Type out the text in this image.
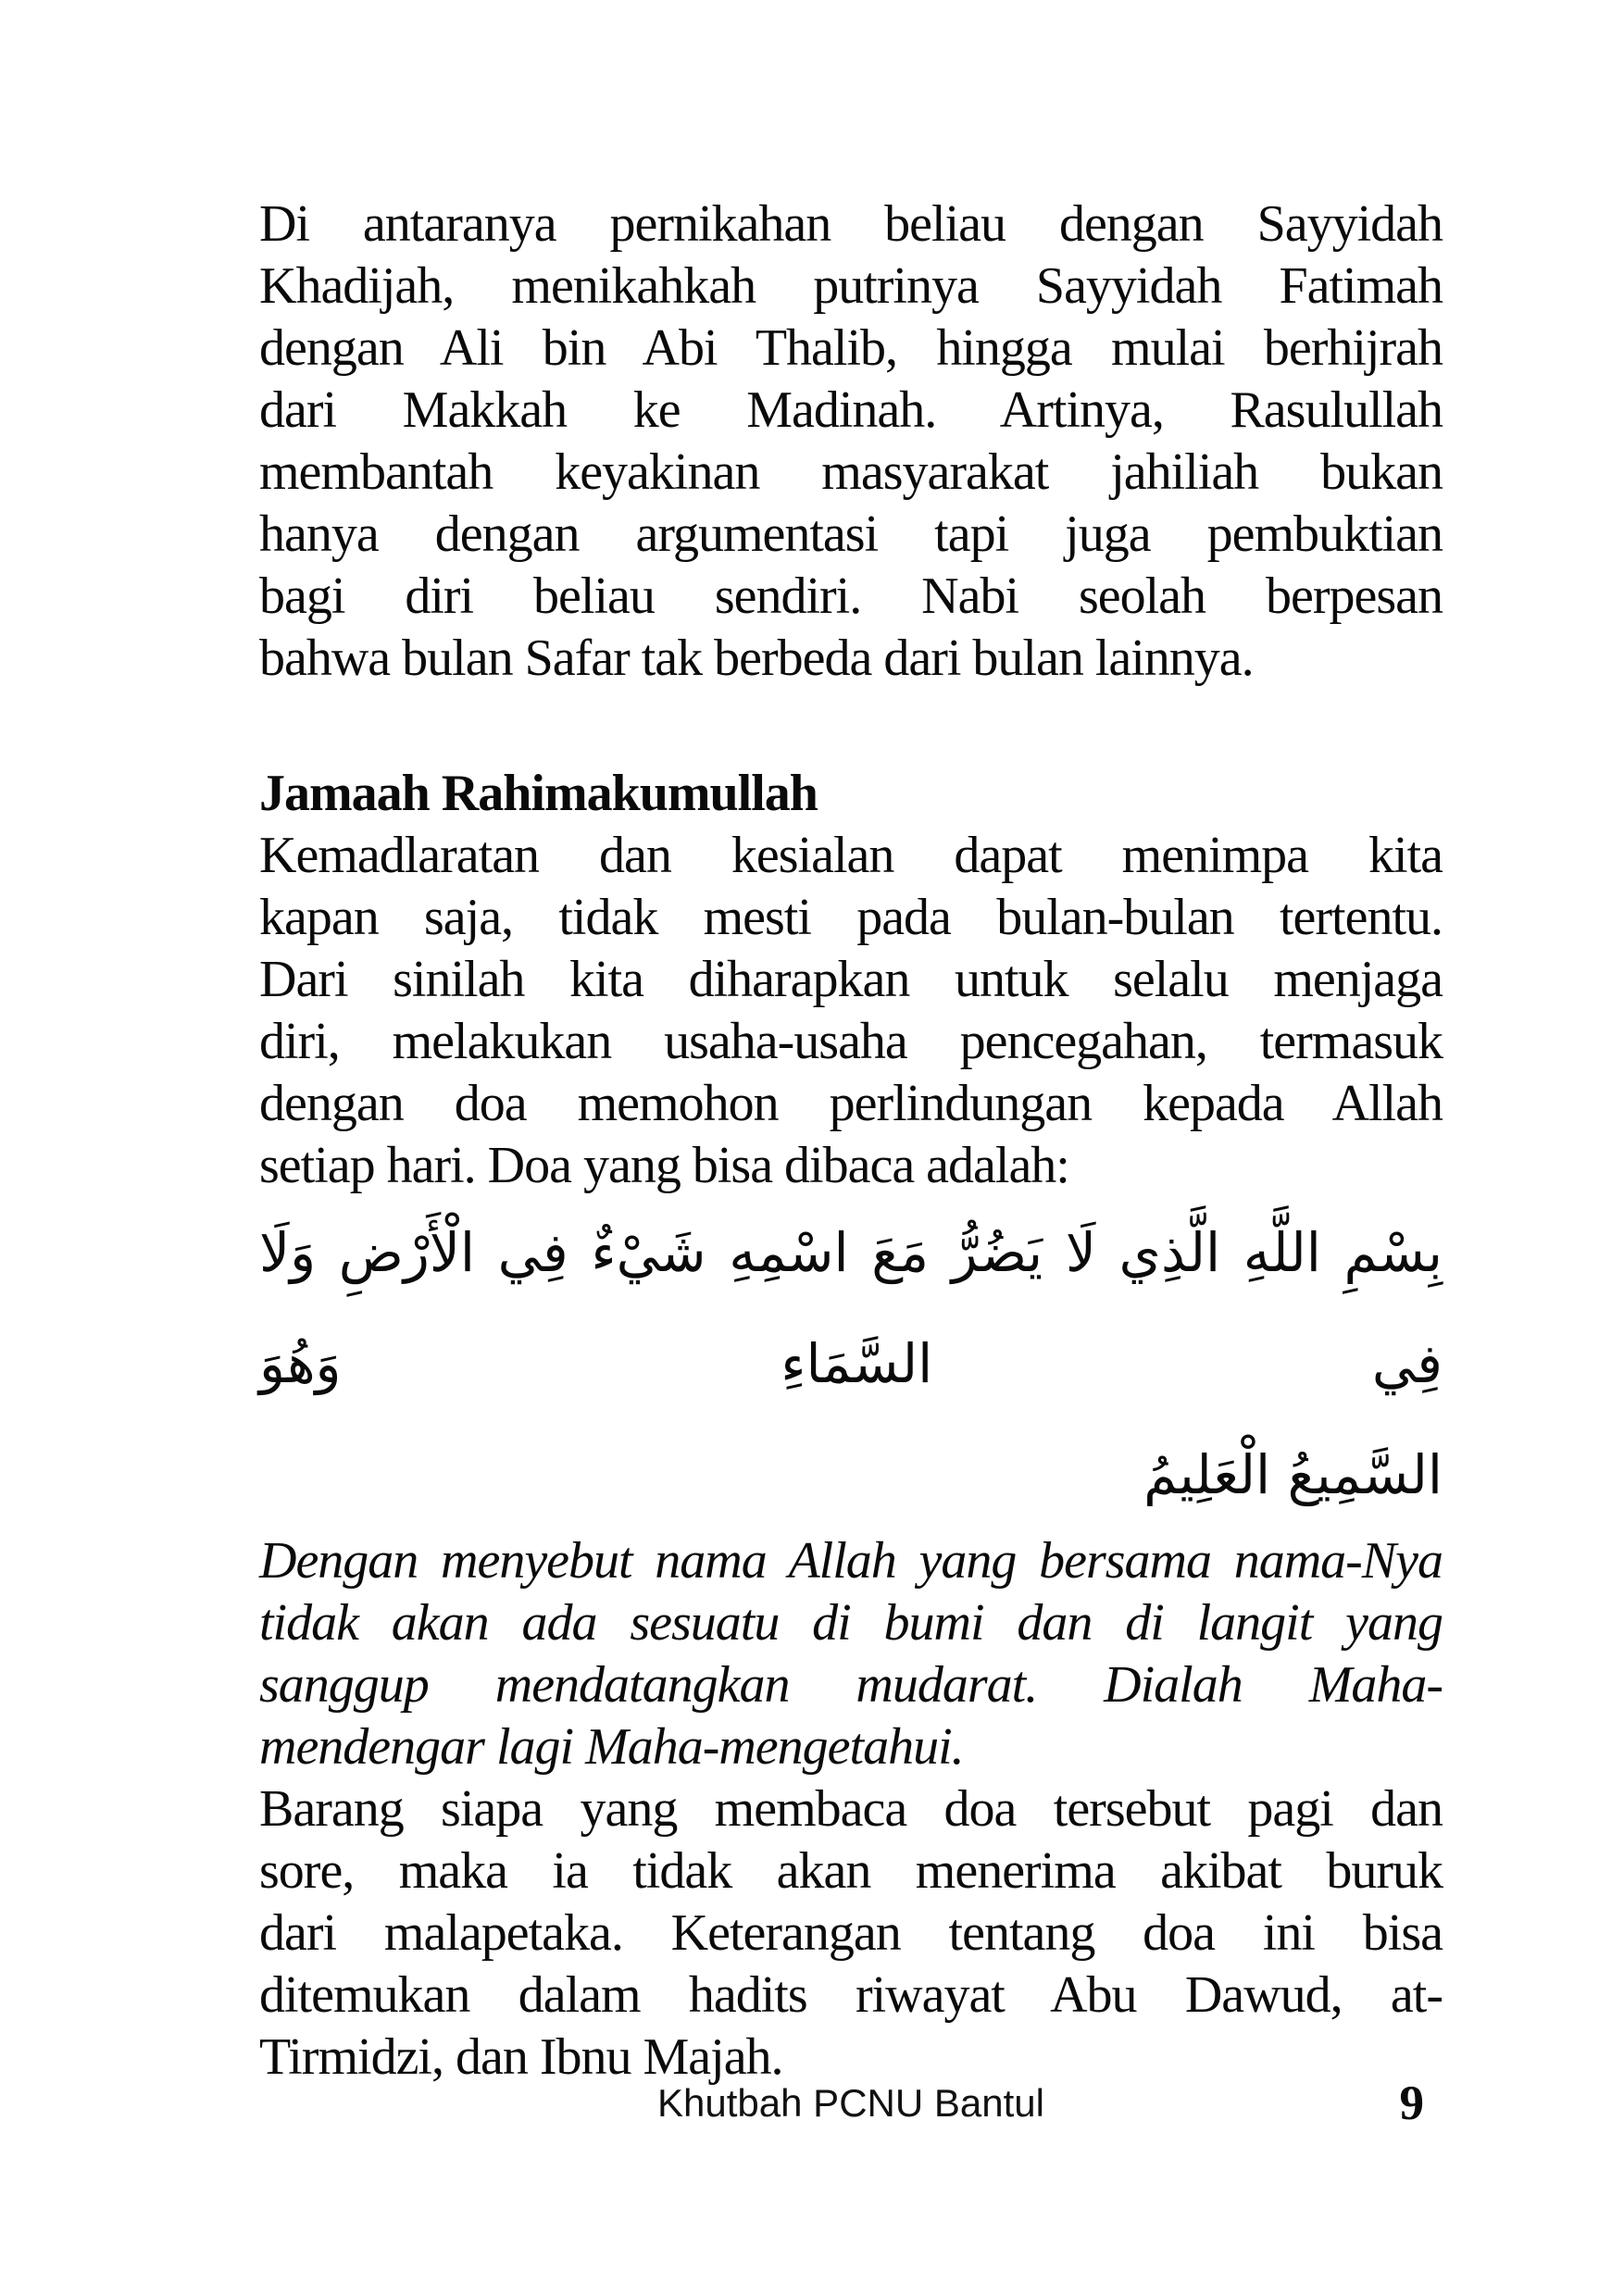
Di antaranya pernikahan beliau dengan Sayyidah
Khadijah, menikahkah putrinya Sayyidah Fatimah
dengan Ali bin Abi Thalib, hingga mulai berhijrah
dari Makkah ke Madinah. Artinya, Rasulullah
membantah keyakinan masyarakat jahiliah bukan
hanya dengan argumentasi tapi juga pembuktian
bagi diri beliau sendiri. Nabi seolah berpesan
bahwa bulan Safar tak berbeda dari bulan lainnya.
Jamaah Rahimakumullah
Kemadlaratan dan kesialan dapat menimpa kita
kapan saja, tidak mesti pada bulan-bulan tertentu.
Dari sinilah kita diharapkan untuk selalu menjaga
diri, melakukan usaha-usaha pencegahan, termasuk
dengan doa memohon perlindungan kepada Allah
setiap hari. Doa yang bisa dibaca adalah:
بِسْمِ اللَّهِ الَّذِي لَا يَضُرُّ مَعَ اسْمِهِ شَيْءٌ فِي الْأَرْضِ وَلَا فِي السَّمَاءِ وَهُوَ
السَّمِيعُ الْعَلِيمُ
Dengan menyebut nama Allah yang bersama nama-Nya
tidak akan ada sesuatu di bumi dan di langit yang
sanggup mendatangkan mudarat. Dialah Maha-
mendengar lagi Maha-mengetahui.
Barang siapa yang membaca doa tersebut pagi dan
sore, maka ia tidak akan menerima akibat buruk
dari malapetaka. Keterangan tentang doa ini bisa
ditemukan dalam hadits riwayat Abu Dawud, at-
Tirmidzi, dan Ibnu Majah.
Khutbah PCNU Bantul	9
